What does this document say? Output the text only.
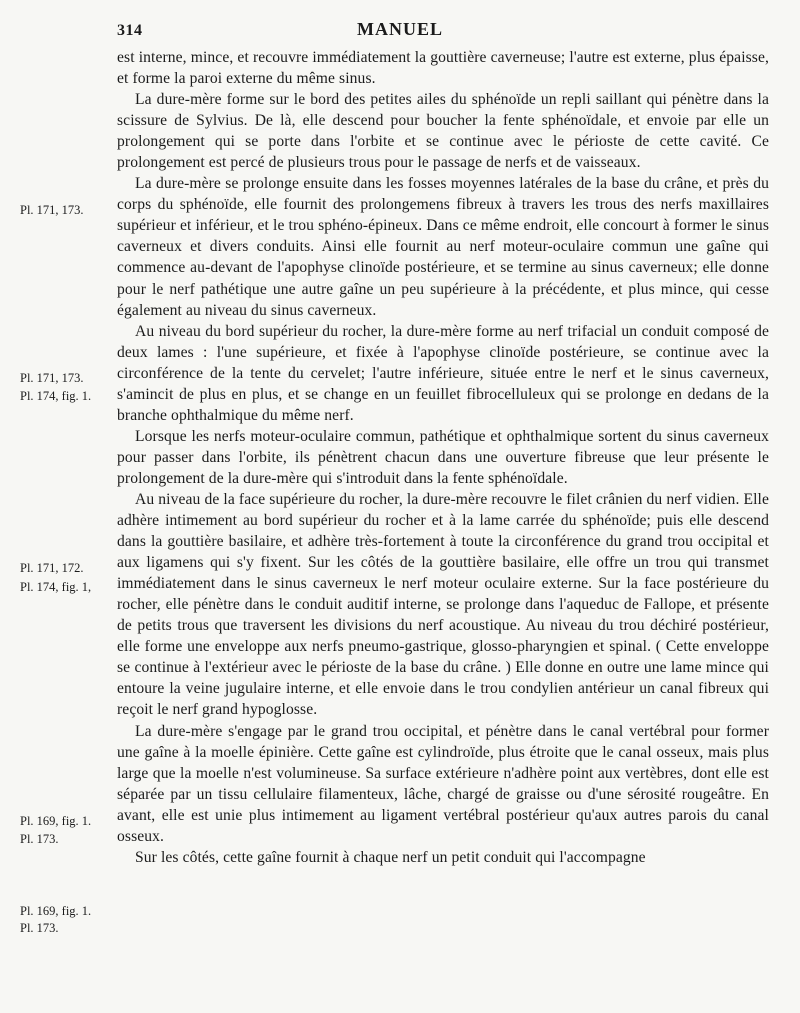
314	MANUEL

est interne, mince, et recouvre immédiatement la gouttière caverneuse; l'autre est externe, plus épaisse, et forme la paroi externe du même sinus.

La dure-mère forme sur le bord des petites ailes du sphénoïde un repli saillant qui pénètre dans la scissure de Sylvius. De là, elle descend pour boucher la fente sphénoïdale, et envoie par elle un prolongement qui se porte dans l'orbite et se continue avec le périoste de cette cavité. Ce prolongement est percé de plusieurs trous pour le passage de nerfs et de vaisseaux.

La dure-mère se prolonge ensuite dans les fosses moyennes latérales de la base du crâne, et près du corps du sphénoïde, elle fournit des prolongemens fibreux à travers les trous des nerfs maxillaires supérieur et inférieur, et le trou sphéno-épineux. Dans ce même endroit, elle concourt à former le sinus caverneux et divers conduits. Ainsi elle fournit au nerf moteur-oculaire commun une gaîne qui commence au-devant de l'apophyse clinoïde postérieure, et se termine au sinus caverneux; elle donne pour le nerf pathétique une autre gaîne un peu supérieure à la précédente, et plus mince, qui cesse également au niveau du sinus caverneux.

Au niveau du bord supérieur du rocher, la dure-mère forme au nerf trifacial un conduit composé de deux lames : l'une supérieure, et fixée à l'apophyse clinoïde postérieure, se continue avec la circonférence de la tente du cervelet; l'autre inférieure, située entre le nerf et le sinus caverneux, s'amincit de plus en plus, et se change en un feuillet fibrocelluleux qui se prolonge en dedans de la branche ophthalmique du même nerf.

Lorsque les nerfs moteur-oculaire commun, pathétique et ophthalmique sortent du sinus caverneux pour passer dans l'orbite, ils pénètrent chacun dans une ouverture fibreuse que leur présente le prolongement de la dure-mère qui s'introduit dans la fente sphénoïdale.

Au niveau de la face supérieure du rocher, la dure-mère recouvre le filet crânien du nerf vidien. Elle adhère intimement au bord supérieur du rocher et à la lame carrée du sphénoïde; puis elle descend dans la gouttière basilaire, et adhère très-fortement à toute la circonférence du grand trou occipital et aux ligamens qui s'y fixent. Sur les côtés de la gouttière basilaire, elle offre un trou qui transmet immédiatement dans le sinus caverneux le nerf moteur oculaire externe. Sur la face postérieure du rocher, elle pénètre dans le conduit auditif interne, se prolonge dans l'aqueduc de Fallope, et présente de petits trous que traversent les divisions du nerf acoustique. Au niveau du trou déchiré postérieur, elle forme une enveloppe aux nerfs pneumo-gastrique, glosso-pharyngien et spinal. ( Cette enveloppe se continue à l'extérieur avec le périoste de la base du crâne. ) Elle donne en outre une lame mince qui entoure la veine jugulaire interne, et elle envoie dans le trou condylien antérieur un canal fibreux qui reçoit le nerf grand hypoglosse.

La dure-mère s'engage par le grand trou occipital, et pénètre dans le canal vertébral pour former une gaîne à la moelle épinière. Cette gaîne est cylindroïde, plus étroite que le canal osseux, mais plus large que la moelle n'est volumineuse. Sa surface extérieure n'adhère point aux vertèbres, dont elle est séparée par un tissu cellulaire filamenteux, lâche, chargé de graisse ou d'une sérosité rougeâtre. En avant, elle est unie plus intimement au ligament vertébral postérieur qu'aux autres parois du canal osseux.

Sur les côtés, cette gaîne fournit à chaque nerf un petit conduit qui l'accompagne

Pl. 171, 173.
Pl. 171, 173.
Pl. 174, fig. 1.
Pl. 171, 172.
Pl. 174, fig. 1,
Pl. 169, fig. 1.
Pl. 173.
Pl. 169, fig. 1.
Pl. 173.
